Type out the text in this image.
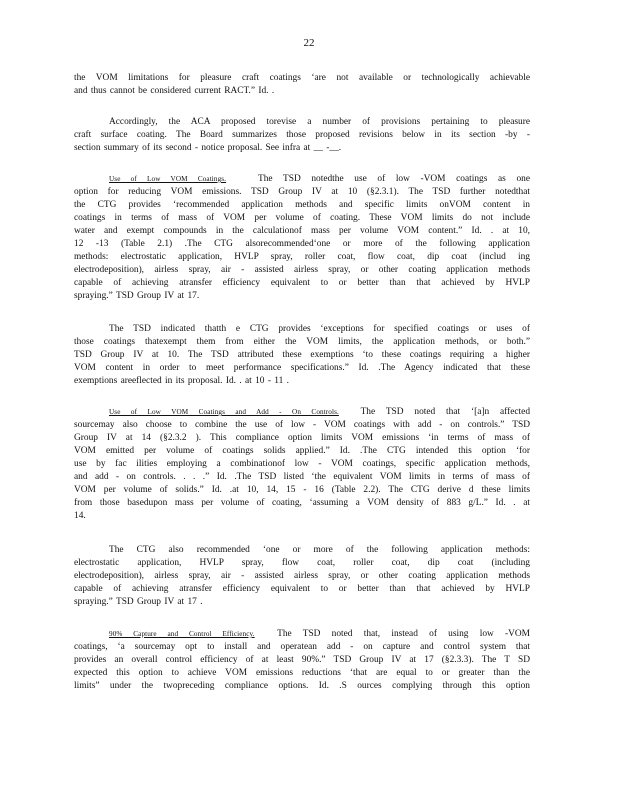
22
the VOM limitations for pleasure craft coatings ‘are not available or technologically achievable
and thus cannot be considered current RACT.” Id. .
Accordingly, the ACA proposed torevise a number of provisions pertaining to pleasure
craft surface coating. The Board summarizes those proposed revisions below in its section -by -
section summary of its second - notice proposal. See infra at __ -__.
Use of Low VOM Coatings.	The TSD notedthe use of low -VOM coatings as one
option for reducing VOM emissions. TSD Group IV at 10 (§2.3.1). The TSD further notedthat
the CTG provides ‘recommended application methods and specific limits onVOM content in
coatings in terms of mass of VOM per volume of coating. These VOM limits do not include
water and exempt compounds in the calculationof mass per volume VOM content.” Id. . at 10,
12 -13 (Table 2.1) .The CTG alsorecommended‘one or more of the following application
methods: electrostatic application, HVLP spray, roller coat, flow coat, dip coat (includ ing
electrodeposition), airless spray, air - assisted airless spray, or other coating application methods
capable of achieving atransfer efficiency equivalent to or better than that achieved by HVLP
spraying.” TSD Group IV at 17.
The TSD indicated thatth e CTG provides ‘exceptions for specified coatings or uses of
those coatings thatexempt them from either the VOM limits, the application methods, or both.”
TSD Group IV at 10. The TSD attributed these exemptions ‘to these coatings requiring a higher
VOM content in order to meet performance specifications.” Id. .The Agency indicated that these
exemptions areeflected in its proposal. Id. . at 10 - 11 .
Use of Low VOM Coatings and Add - On Controls. The TSD noted that ‘[a]n affected
sourcemay also choose to combine the use of low - VOM coatings with add - on controls.” TSD
Group IV at 14 (§2.3.2 ). This compliance option limits VOM emissions ‘in terms of mass of
VOM emitted per volume of coatings solids applied.” Id. .The CTG intended this option ‘for
use by fac ilities employing a combinationof low - VOM coatings, specific application methods,
and add - on controls. . . .” Id. .The TSD listed ‘the equivalent VOM limits in terms of mass of
VOM per volume of solids.” Id. .at 10, 14, 15 - 16 (Table 2.2). The CTG derive d these limits
from those basedupon mass per volume of coating, ‘assuming a VOM density of 883 g/L.” Id. . at
14.
The CTG also recommended ‘one or more of the following application methods:
electrostatic application, HVLP spray, flow coat, roller coat, dip coat (including
electrodeposition), airless spray, air - assisted airless spray, or other coating application methods
capable of achieving atransfer efficiency equivalent to or better than that achieved by HVLP
spraying.” TSD Group IV at 17 .
90% Capture and Control Efficiency. The TSD noted that, instead of using low -VOM
coatings, ‘a sourcemay opt to install and operatean add - on capture and control system that
provides an overall control efficiency of at least 90%.” TSD Group IV at 17 (§2.3.3). The T SD
expected this option to achieve VOM emissions reductions ‘that are equal to or greater than the
limits” under the twopreceding compliance options. Id. .S ources complying through this option
